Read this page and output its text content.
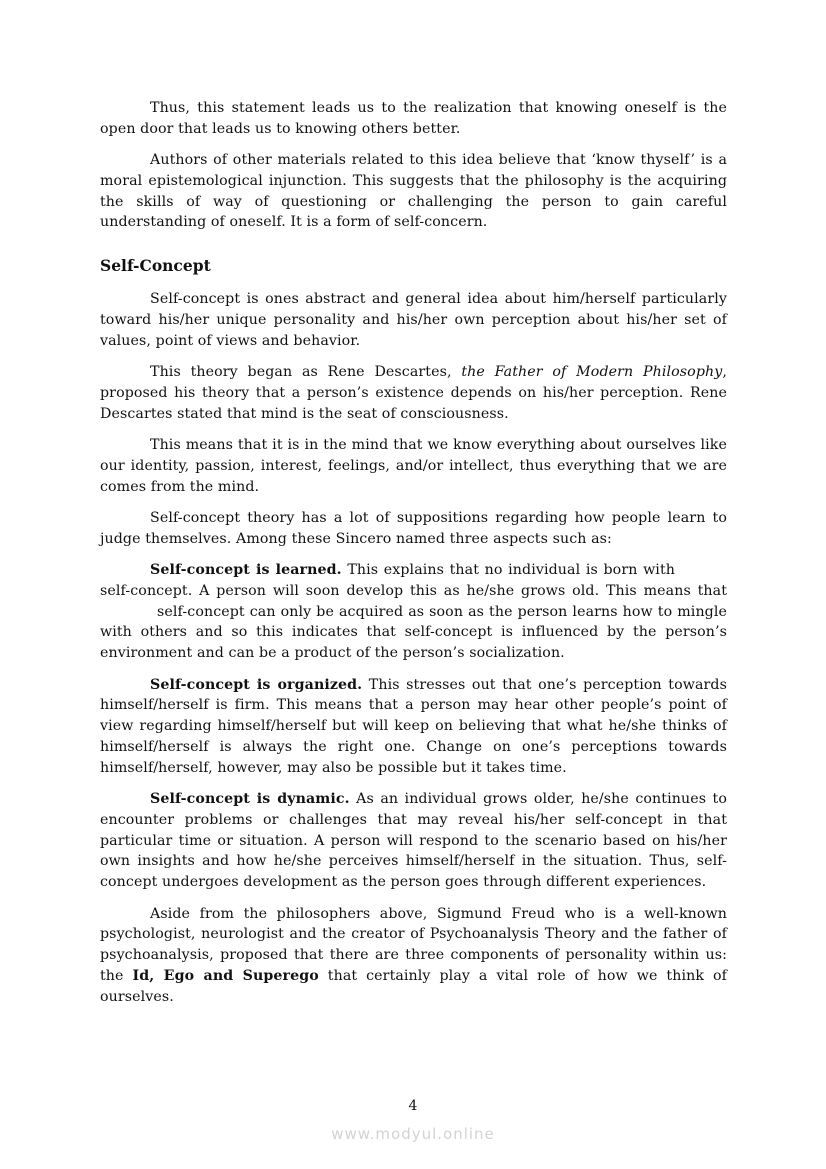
Thus, this statement leads us to the realization that knowing oneself is the open door that leads us to knowing others better.

Authors of other materials related to this idea believe that ‘know thyself’ is a moral epistemological injunction. This suggests that the philosophy is the acquiring the skills of way of questioning or challenging the person to gain careful understanding of oneself. It is a form of self-concern.

Self-Concept

Self-concept is ones abstract and general idea about him/herself particularly toward his/her unique personality and his/her own perception about his/her set of values, point of views and behavior.

This theory began as Rene Descartes, the Father of Modern Philosophy, proposed his theory that a person’s existence depends on his/her perception. Rene Descartes stated that mind is the seat of consciousness.

This means that it is in the mind that we know everything about ourselves like our identity, passion, interest, feelings, and/or intellect, thus everything that we are comes from the mind.

Self-concept theory has a lot of suppositions regarding how people learn to judge themselves. Among these Sincero named three aspects such as:

Self-concept is learned. This explains that no individual is born with self-concept. A person will soon develop this as he/she grows old. This means that self-concept can only be acquired as soon as the person learns how to mingle with others and so this indicates that self-concept is influenced by the person’s environment and can be a product of the person’s socialization.

Self-concept is organized. This stresses out that one’s perception towards himself/herself is firm. This means that a person may hear other people’s point of view regarding himself/herself but will keep on believing that what he/she thinks of himself/herself is always the right one. Change on one’s perceptions towards himself/herself, however, may also be possible but it takes time.

Self-concept is dynamic. As an individual grows older, he/she continues to encounter problems or challenges that may reveal his/her self-concept in that particular time or situation. A person will respond to the scenario based on his/her own insights and how he/she perceives himself/herself in the situation. Thus, self-concept undergoes development as the person goes through different experiences.

Aside from the philosophers above, Sigmund Freud who is a well-known psychologist, neurologist and the creator of Psychoanalysis Theory and the father of psychoanalysis, proposed that there are three components of personality within us: the Id, Ego and Superego that certainly play a vital role of how we think of ourselves.

4
www.modyul.online
